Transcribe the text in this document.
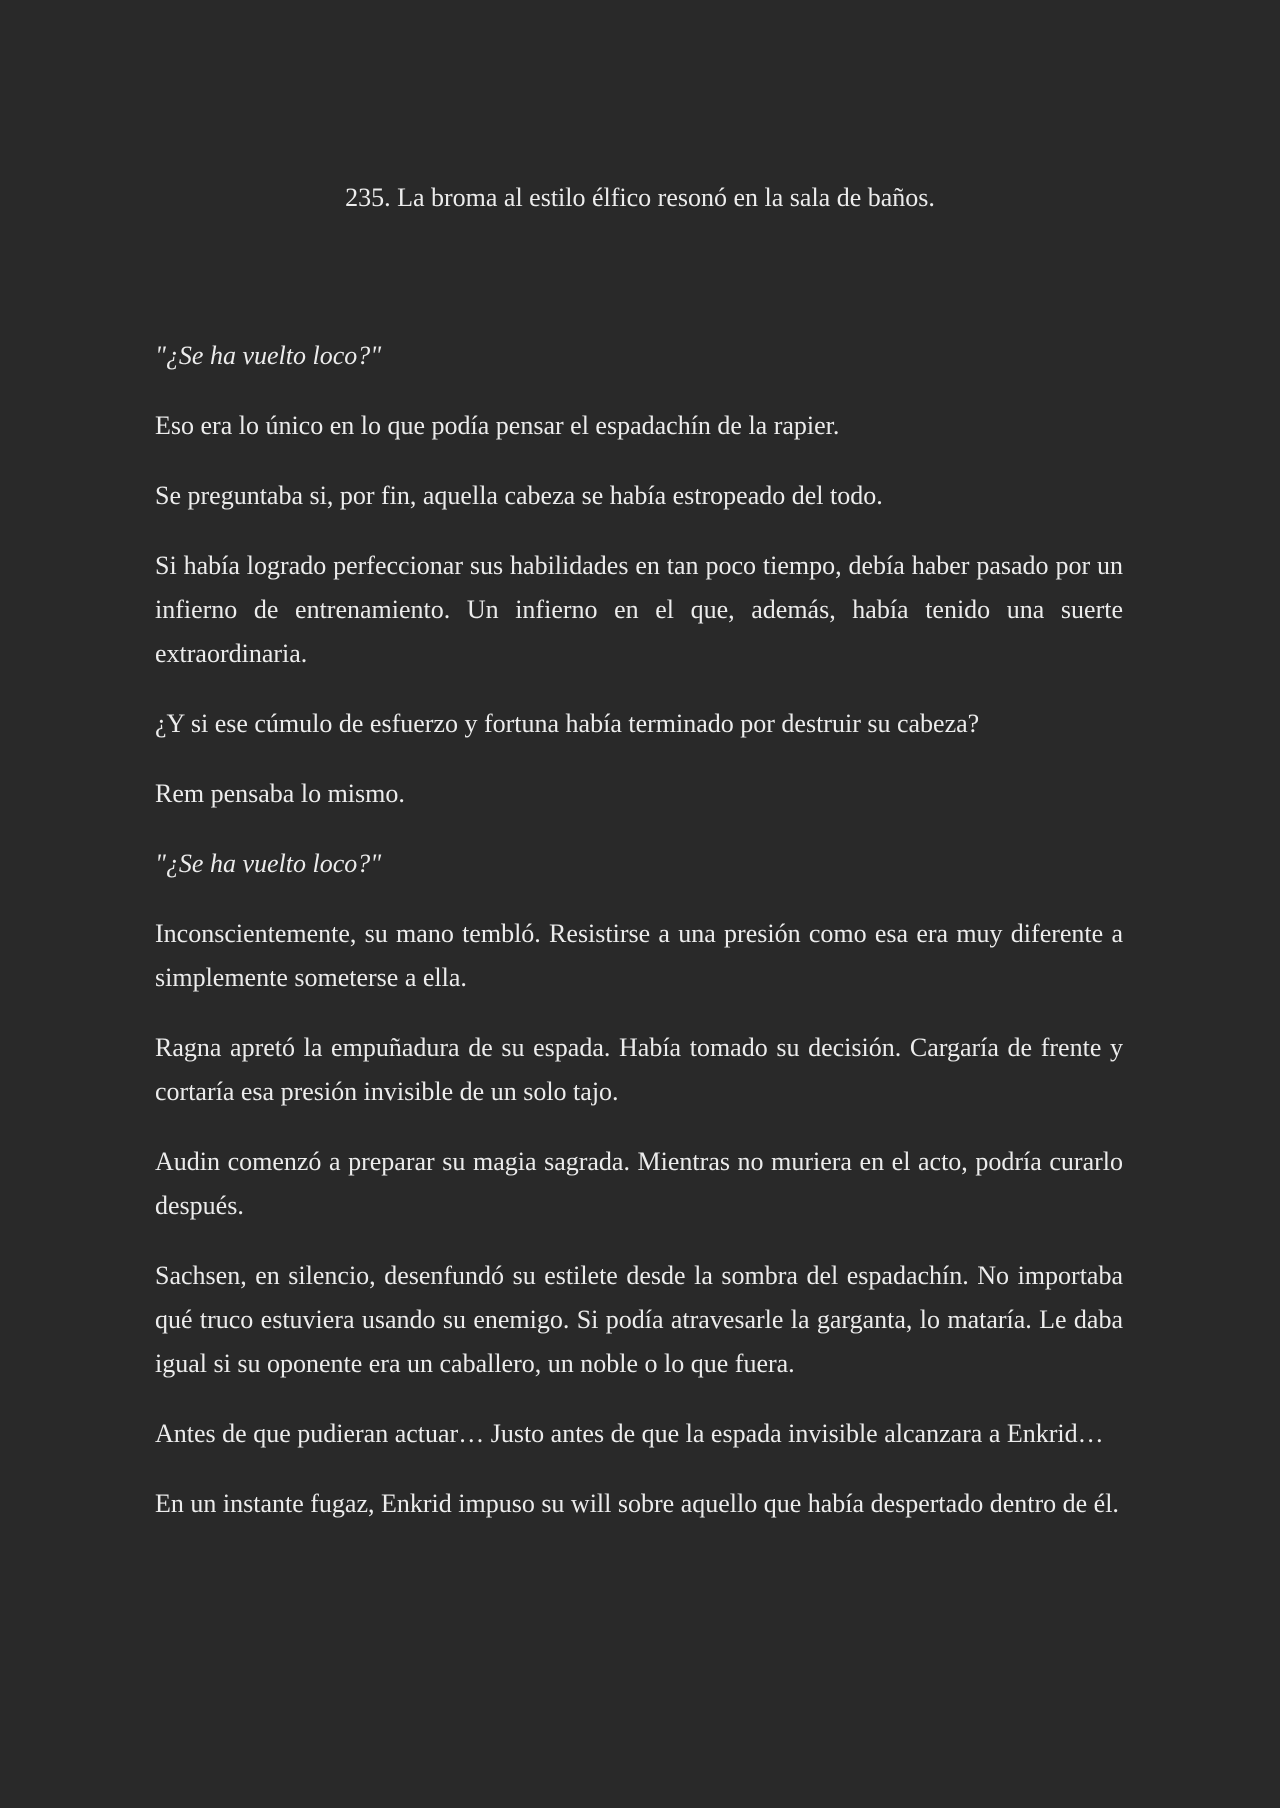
235. La broma al estilo élfico resonó en la sala de baños.

"¿Se ha vuelto loco?"

Eso era lo único en lo que podía pensar el espadachín de la rapier.

Se preguntaba si, por fin, aquella cabeza se había estropeado del todo.

Si había logrado perfeccionar sus habilidades en tan poco tiempo, debía haber pasado por un infierno de entrenamiento. Un infierno en el que, además, había tenido una suerte extraordinaria.

¿Y si ese cúmulo de esfuerzo y fortuna había terminado por destruir su cabeza?

Rem pensaba lo mismo.

"¿Se ha vuelto loco?"

Inconscientemente, su mano tembló. Resistirse a una presión como esa era muy diferente a simplemente someterse a ella.

Ragna apretó la empuñadura de su espada. Había tomado su decisión. Cargaría de frente y cortaría esa presión invisible de un solo tajo.

Audin comenzó a preparar su magia sagrada. Mientras no muriera en el acto, podría curarlo después.

Sachsen, en silencio, desenfundó su estilete desde la sombra del espadachín. No importaba qué truco estuviera usando su enemigo. Si podía atravesarle la garganta, lo mataría. Le daba igual si su oponente era un caballero, un noble o lo que fuera.

Antes de que pudieran actuar… Justo antes de que la espada invisible alcanzara a Enkrid…

En un instante fugaz, Enkrid impuso su will sobre aquello que había despertado dentro de él.
